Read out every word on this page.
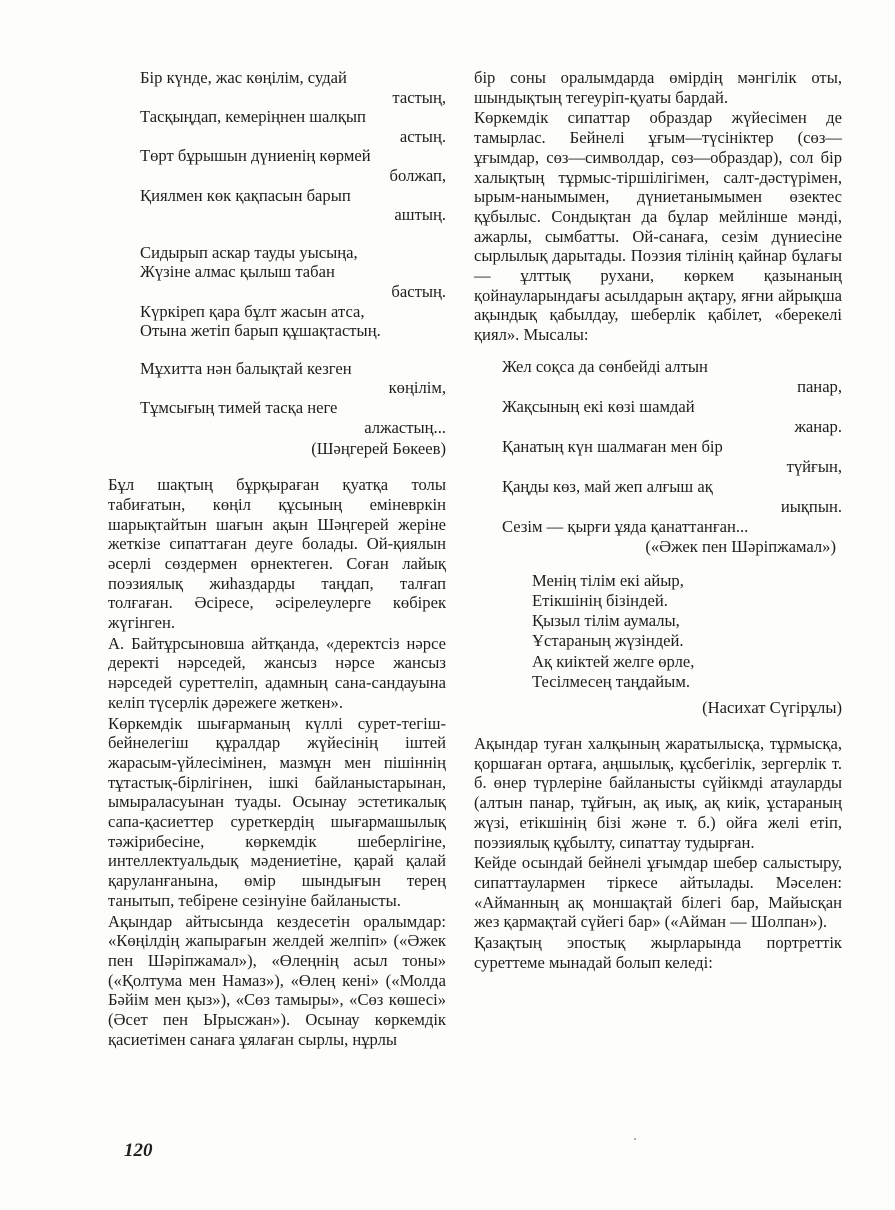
Бір күнде, жас көңілім, судай
тастың,
Тасқыңдап, кемеріңнен шалқып
астың.
Төрт бұрышын дүниенің көрмей
болжап,
Қиялмен көк қақпасын барып
аштың.
Сидырып аскар тауды уысыңа,
Жүзіне алмас қылыш табан
бастың.
Күркіреп қара бұлт жасын атса,
Отына жетіп барып құшақтастың.
Мұхитта нән балықтай кезген
көңілім,
Тұмсығың тимей тасқа неге
алжастың...
(Шәңгерей Бөкеев)

Бұл шақтың бұрқыраған қуатқа толы табиғатын, көңіл құсының еміневркін шарықтайтын шағын ақын Шәңгерей жеріне жеткізе сипаттаған деуге болады. Ой-қиялын әсерлі сөздермен өрнектеген. Соған лайық поэзиялық жиһаздарды таңдап, талғап толғаған. Әсіресе, әсірелеулерге көбірек жүгінген.

А. Байтұрсыновша айтқанда, «деректсіз нәрсе деректі нәрседей, жансыз нәрсе жансыз нәрседей суреттеліп, адамның сана-сандауына келіп түсерлік дәрежеге жеткен».

Көркемдік шығарманың күллі сурет-тегіш-бейнелегіш құралдар жүйесінің іштей жарасым-үйлесімінен, мазмұн мен пішіннің тұтастық-бірлігінен, ішкі байланыстарынан, ымыраласуынан туады. Осынау эстетикалық сапа-қасиеттер суреткердің шығармашылық тәжірибесіне, көркемдік шеберлігіне, интеллектуальдық мәдениетіне, қарай қалай қаруланғанына, өмір шындығын терең танытып, тебірене сезінуіне байланысты.

Ақындар айтысында кездесетін оралымдар: «Көңілдің жапырағын желдей желпіп» («Әжек пен Шәріпжамал»), «Өлеңнің асыл тоны» («Қолтума мен Намаз»), «Өлең кені» («Молда Бәйім мен қыз»), «Сөз тамыры», «Сөз көшесі» (Әсет пен Ырысжан»). Осынау көркемдік қасиетімен санаға ұялаған сырлы, нұрлы

бір соны оралымдарда өмірдің мәнгілік оты, шындықтың тегеуріп-қуаты бардай.

Көркемдік сипаттар образдар жүйесімен де тамырлас. Бейнелі ұғым—түсініктер (сөз—ұғымдар, сөз—символдар, сөз—образдар), сол бір халықтың тұрмыс-тіршілігімен, салт-дәстүрімен, ырым-нанымымен, дүниетанымымен өзектес құбылыс. Сондықтан да бұлар мейлінше мәнді, ажарлы, сымбатты. Ой-санаға, сезім дүниесіне сырлылық дарытады. Поэзия тілінің қайнар бұлағы — ұлттық рухани, көркем қазынаның қойнауларындағы асылдарын ақтару, яғни айрықша ақындық қабылдау, шеберлік қабілет, «берекелі қиял». Мысалы:

Жел соқса да сөнбейді алтын
панар,
Жақсының екі көзі шамдай
жанар.
Қанатың күн шалмаған мен бір
түйғын,
Қаңды көз, май жеп алғыш ақ
иықпын.
Сезім — қырғи ұяда қанаттанған...
(«Әжек пен Шәріпжамал»)
Менің тілім екі айыр,
Етікшінің бізіндей.
Қызыл тілім аумалы,
Ұстараның жүзіндей.
Ақ киіктей желге өрле,
Тесілмесең таңдайым.
(Насихат Сүгірұлы)

Ақындар туған халқының жаратылысқа, тұрмысқа, қоршаған ортаға, аңшылық, құсбегілік, зергерлік т. б. өнер түрлеріне байланысты сүйікмді атауларды (алтын панар, тұйғын, ақ иық, ақ киік, ұстараның жүзі, етікшінің бізі және т. б.) ойға желі етіп, поэзиялық құбылту, сипаттау тудырған.

Кейде осындай бейнелі ұғымдар шебер салыстыру, сипаттаулармен тіркесе айтылады. Мәселен: «Айманның ақ моншақтай білегі бар, Майысқан жез қармақтай сүйегі бар» («Айман — Шолпан»).

Қазақтың эпостық жырларында портреттік суреттеме мынадай болып келеді:

120
